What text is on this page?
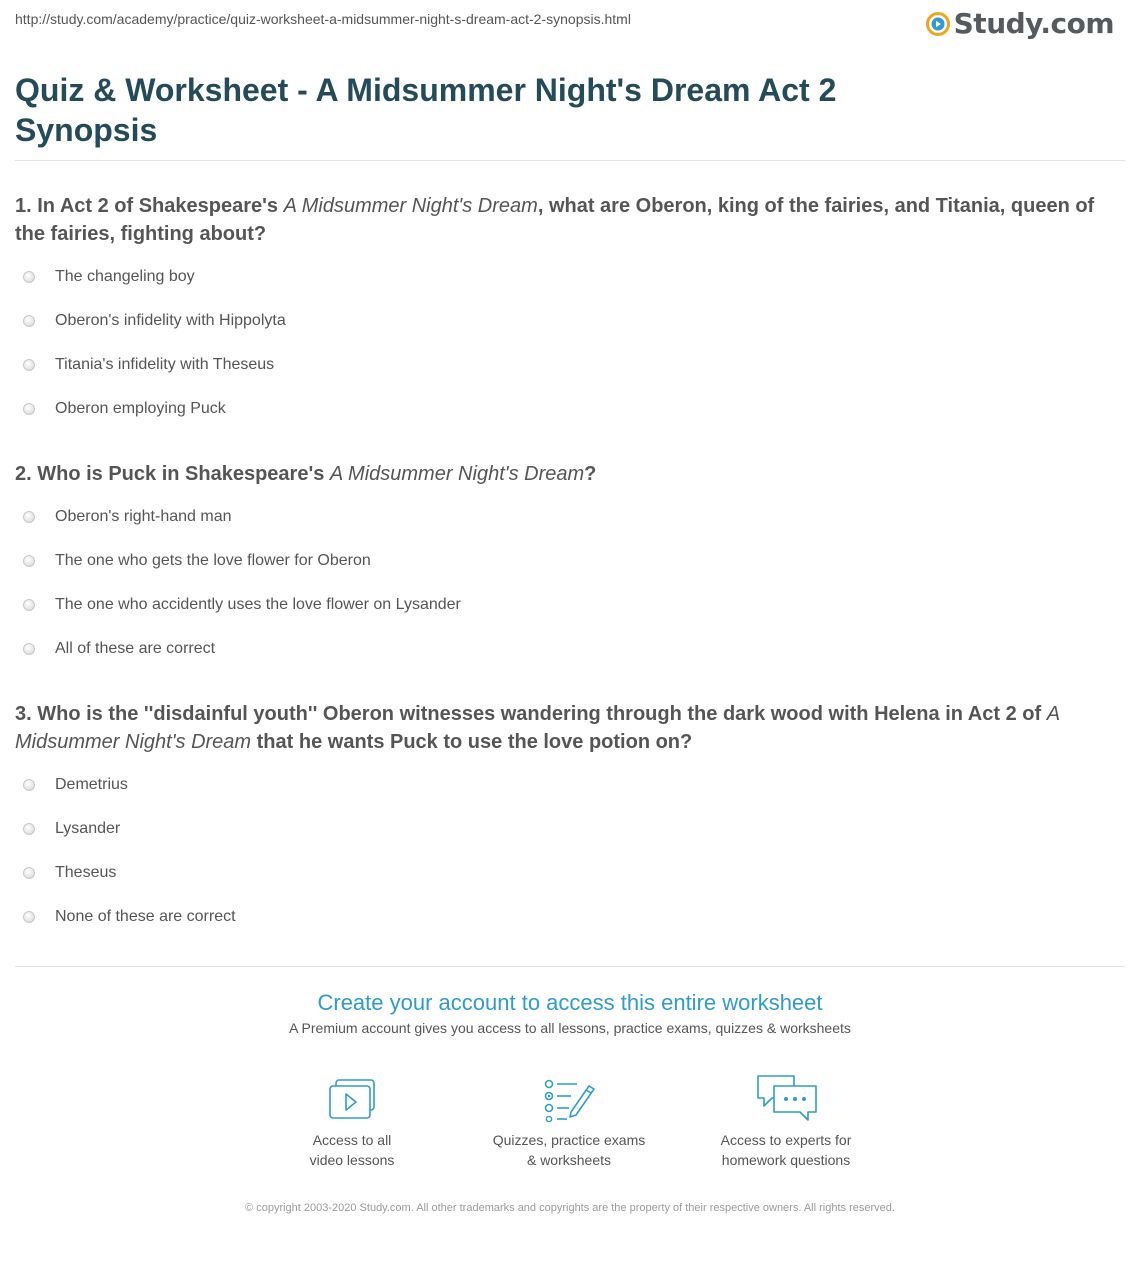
http://study.com/academy/practice/quiz-worksheet-a-midsummer-night-s-dream-act-2-synopsis.html	Study.com
Quiz & Worksheet - A Midsummer Night's Dream Act 2 Synopsis

1. In Act 2 of Shakespeare's A Midsummer Night's Dream, what are Oberon, king of the fairies, and Titania, queen of the fairies, fighting about?

The changeling boy
Oberon's infidelity with Hippolyta
Titania's infidelity with Theseus
Oberon employing Puck

2. Who is Puck in Shakespeare's A Midsummer Night's Dream?

Oberon's right-hand man
The one who gets the love flower for Oberon
The one who accidently uses the love flower on Lysander
All of these are correct

3. Who is the ''disdainful youth'' Oberon witnesses wandering through the dark wood with Helena in Act 2 of A Midsummer Night's Dream that he wants Puck to use the love potion on?

Demetrius
Lysander
Theseus
None of these are correct
Create your account to access this entire worksheet

A Premium account gives you access to all lessons, practice exams, quizzes & worksheets

Access to all
video lessons
Quizzes, practice exams
& worksheets
Access to experts for
homework questions
© copyright 2003-2020 Study.com. All other trademarks and copyrights are the property of their respective owners. All rights reserved.
